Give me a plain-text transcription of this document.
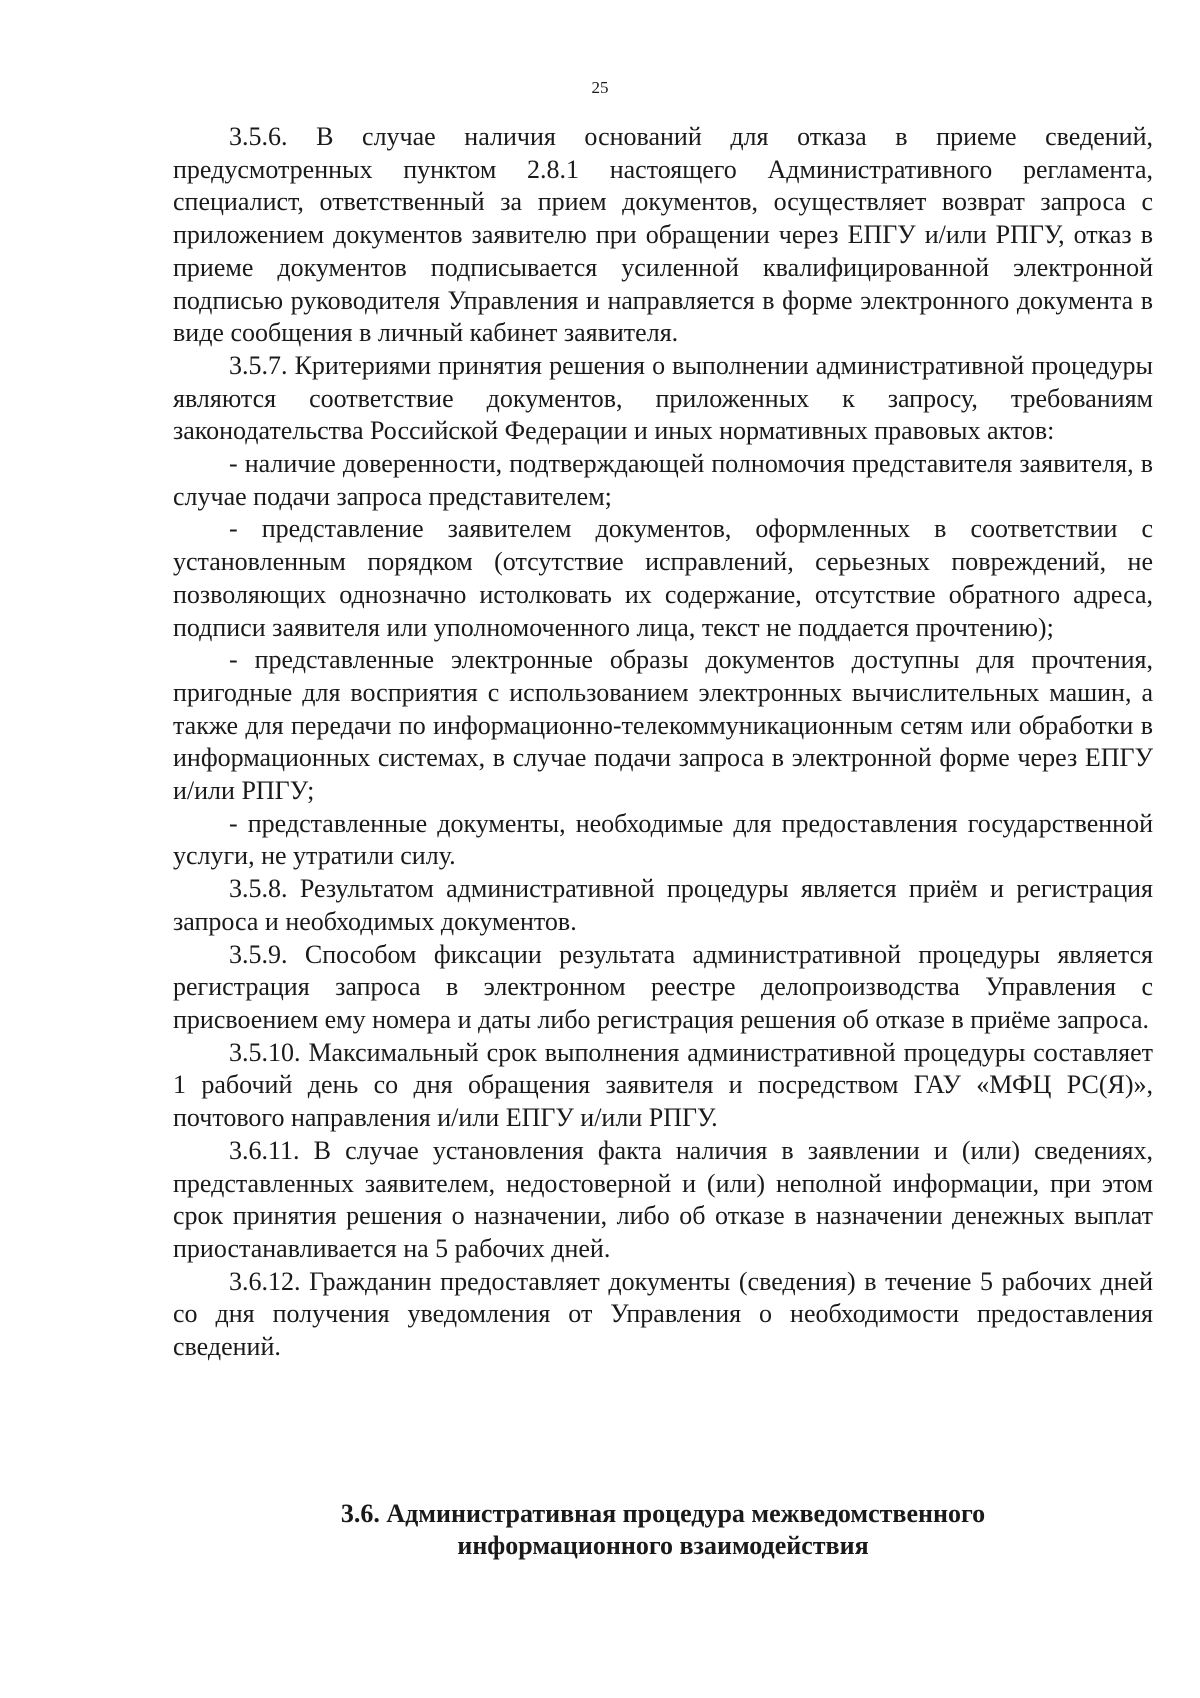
25

3.5.6. В случае наличия оснований для отказа в приеме сведений, предусмотренных пунктом 2.8.1 настоящего Административного регламента, специалист, ответственный за прием документов, осуществляет возврат запроса с приложением документов заявителю при обращении через ЕПГУ и/или РПГУ, отказ в приеме документов подписывается усиленной квалифицированной электронной подписью руководителя Управления и направляется в форме электронного документа в виде сообщения в личный кабинет заявителя.

3.5.7. Критериями принятия решения о выполнении административной процедуры являются соответствие документов, приложенных к запросу, требованиям законодательства Российской Федерации и иных нормативных правовых актов:

- наличие доверенности, подтверждающей полномочия представителя заявителя, в случае подачи запроса представителем;

- представление заявителем документов, оформленных в соответствии с установленным порядком (отсутствие исправлений, серьезных повреждений, не позволяющих однозначно истолковать их содержание, отсутствие обратного адреса, подписи заявителя или уполномоченного лица, текст не поддается прочтению);

- представленные электронные образы документов доступны для прочтения, пригодные для восприятия с использованием электронных вычислительных машин, а также для передачи по информационно-телекоммуникационным сетям или обработки в информационных системах, в случае подачи запроса в электронной форме через ЕПГУ и/или РПГУ;

- представленные документы, необходимые для предоставления государственной услуги, не утратили силу.

3.5.8. Результатом административной процедуры является приём и регистрация запроса и необходимых документов.

3.5.9. Способом фиксации результата административной процедуры является регистрация запроса в электронном реестре делопроизводства Управления с присвоением ему номера и даты либо регистрация решения об отказе в приёме запроса.

3.5.10. Максимальный срок выполнения административной процедуры составляет 1 рабочий день со дня обращения заявителя и посредством ГАУ «МФЦ РС(Я)», почтового направления и/или ЕПГУ и/или РПГУ.

3.6.11. В случае установления факта наличия в заявлении и (или) сведениях, представленных заявителем, недостоверной и (или) неполной информации, при этом срок принятия решения о назначении, либо об отказе в назначении денежных выплат приостанавливается на 5 рабочих дней.

3.6.12. Гражданин предоставляет документы (сведения) в течение 5 рабочих дней со дня получения уведомления от Управления о необходимости предоставления сведений.

3.6. Административная процедура межведомственного
информационного взаимодействия
